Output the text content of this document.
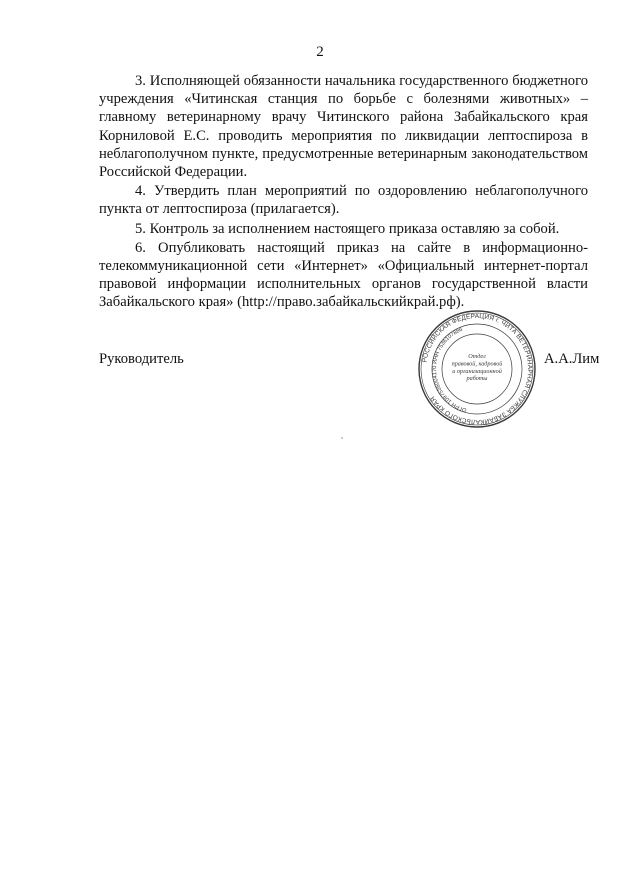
2

3. Исполняющей обязанности начальника государственного бюджетного учреждения «Читинская станция по борьбе с болезнями животных» – главному ветеринарному врачу Читинского района Забайкальского края Корниловой Е.С. проводить мероприятия по ликвидации лептоспироза в неблагополучном пункте, предусмотренные ветеринарным законодательством Российской Федерации.

4. Утвердить план мероприятий по оздоровлению неблагополучного пункта от лептоспироза (прилагается).

5. Контроль за исполнением настоящего приказа оставляю за собой.

6. Опубликовать настоящий приказ на сайте в информационно-телекоммуникационной сети «Интернет» «Официальный интернет-портал правовой информации исполнительных органов государственной власти Забайкальского края» (http://право.забайкальскийкрай.рф).

Руководитель	РОССИЙСКАЯ ФЕДЕРАЦИЯ г. ЧИТА ВЕТЕРИНАРНАЯ СЛУЖБА ЗАБАЙКАЛЬСКОГО КРАЯ
ОГРН 1097536004170 ИНН 7536107886
Отдел правовой, кадровой и организационной работы
А.А.Лим
